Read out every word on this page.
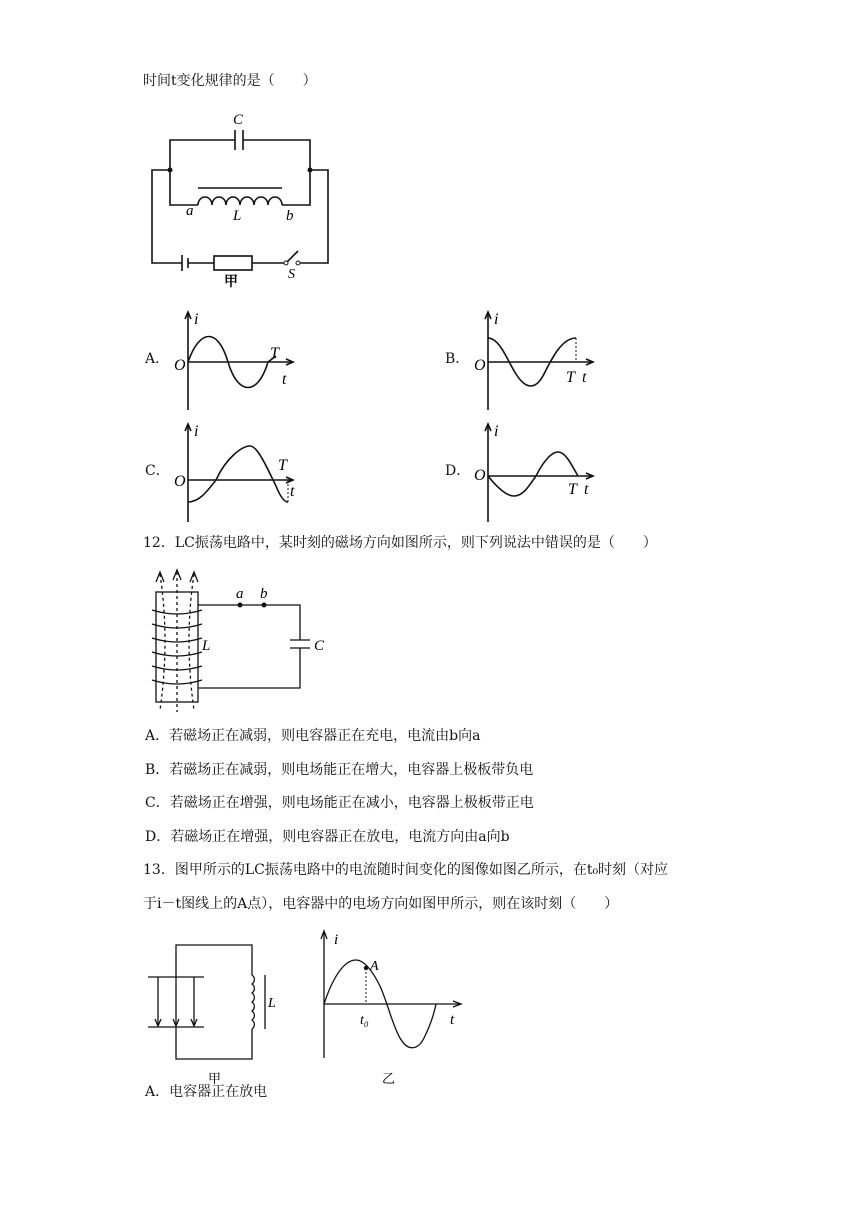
时间t变化规律的是（　　）
C
a	L	b
S
甲
A．
i
O
T
t
B．
i
O
T t
C．
i
O
T
t
D．
i
O
T t
12．LC振荡电路中，某时刻的磁场方向如图所示，则下列说法中错误的是（　　）
a b
L	C
A．若磁场正在减弱，则电容器正在充电，电流由b向a
B．若磁场正在减弱，则电场能正在增大，电容器上极板带负电
C．若磁场正在增强，则电场能正在减小，电容器上极板带正电
D．若磁场正在增强，则电容器正在放电，电流方向由a向b
13．图甲所示的LC振荡电路中的电流随时间变化的图像如图乙所示，在t₀时刻（对应
于i－t图线上的A点），电容器中的电场方向如图甲所示，则在该时刻（　　）
L
甲
i
A
t₀	t
乙
A．电容器正在放电
